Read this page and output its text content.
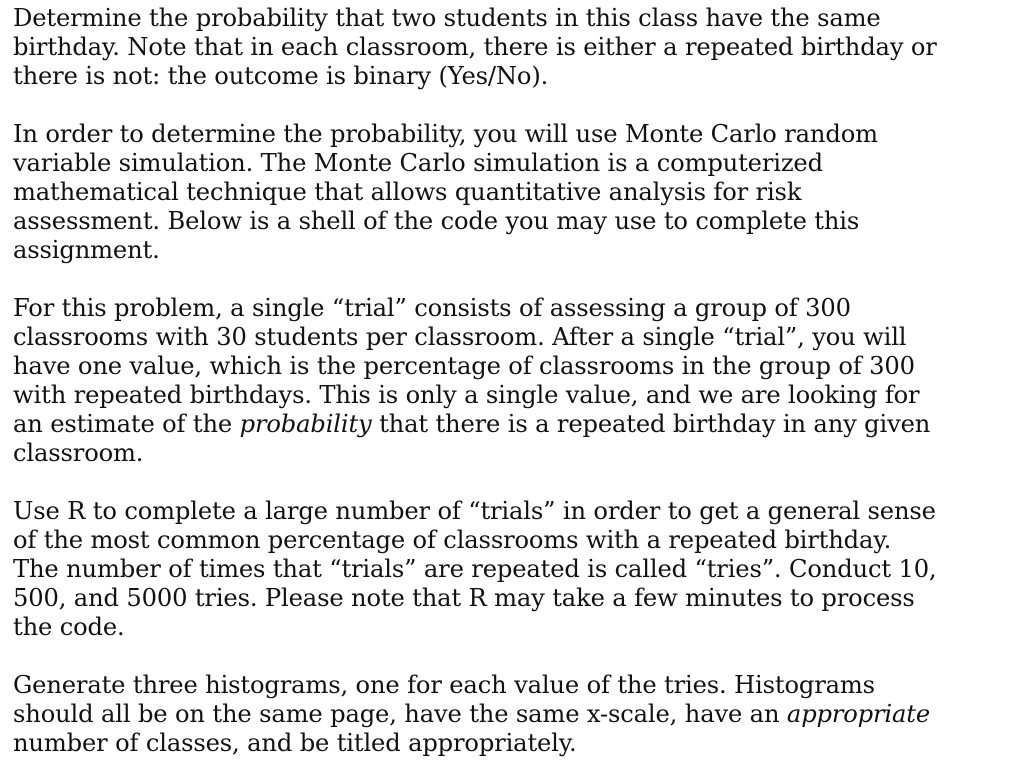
Determine the probability that two students in this class have the same
birthday. Note that in each classroom, there is either a repeated birthday or
there is not: the outcome is binary (Yes/No).

In order to determine the probability, you will use Monte Carlo random
variable simulation. The Monte Carlo simulation is a computerized
mathematical technique that allows quantitative analysis for risk
assessment. Below is a shell of the code you may use to complete this
assignment.

For this problem, a single “trial” consists of assessing a group of 300
classrooms with 30 students per classroom. After a single “trial”, you will
have one value, which is the percentage of classrooms in the group of 300
with repeated birthdays. This is only a single value, and we are looking for
an estimate of the probability that there is a repeated birthday in any given
classroom.

Use R to complete a large number of “trials” in order to get a general sense
of the most common percentage of classrooms with a repeated birthday.
The number of times that “trials” are repeated is called “tries”. Conduct 10,
500, and 5000 tries. Please note that R may take a few minutes to process
the code.

Generate three histograms, one for each value of the tries. Histograms
should all be on the same page, have the same x-scale, have an appropriate
number of classes, and be titled appropriately.
